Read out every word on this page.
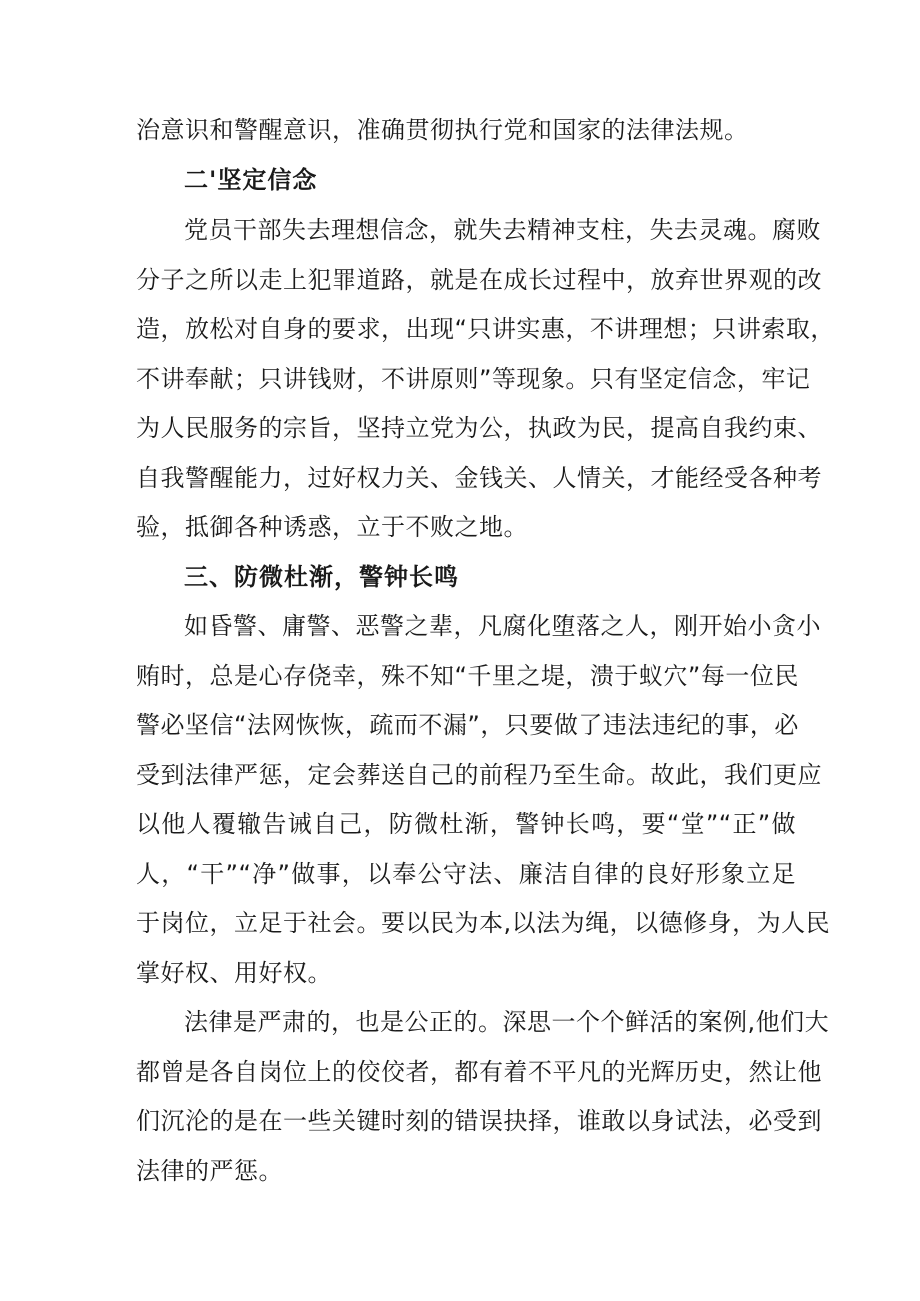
治意识和警醒意识，准确贯彻执行党和国家的法律法规。
二'坚定信念
党员干部失去理想信念，就失去精神支柱，失去灵魂。腐败
分子之所以走上犯罪道路，就是在成长过程中，放弃世界观的改
造，放松对自身的要求，出现“只讲实惠，不讲理想；只讲索取，
不讲奉献；只讲钱财，不讲原则”等现象。只有坚定信念，牢记
为人民服务的宗旨，坚持立党为公，执政为民，提高自我约束、
自我警醒能力，过好权力关、金钱关、人情关，才能经受各种考
验，抵御各种诱惑，立于不败之地。
三、防微杜渐，警钟长鸣
如昏警、庸警、恶警之辈，凡腐化堕落之人，刚开始小贪小
贿时，总是心存侥幸，殊不知“千里之堤，溃于蚁穴”每一位民
警必坚信“法网恢恢，疏而不漏”，只要做了违法违纪的事，必
受到法律严惩，定会葬送自己的前程乃至生命。故此，我们更应
以他人覆辙告诫自己，防微杜渐，警钟长鸣，要“堂”“正”做
人，“干”“净”做事，以奉公守法、廉洁自律的良好形象立足
于岗位，立足于社会。要以民为本,以法为绳，以德修身，为人民
掌好权、用好权。
法律是严肃的，也是公正的。深思一个个鲜活的案例,他们大
都曾是各自岗位上的佼佼者，都有着不平凡的光辉历史，然让他
们沉沦的是在一些关键时刻的错误抉择，谁敢以身试法，必受到
法律的严惩。
